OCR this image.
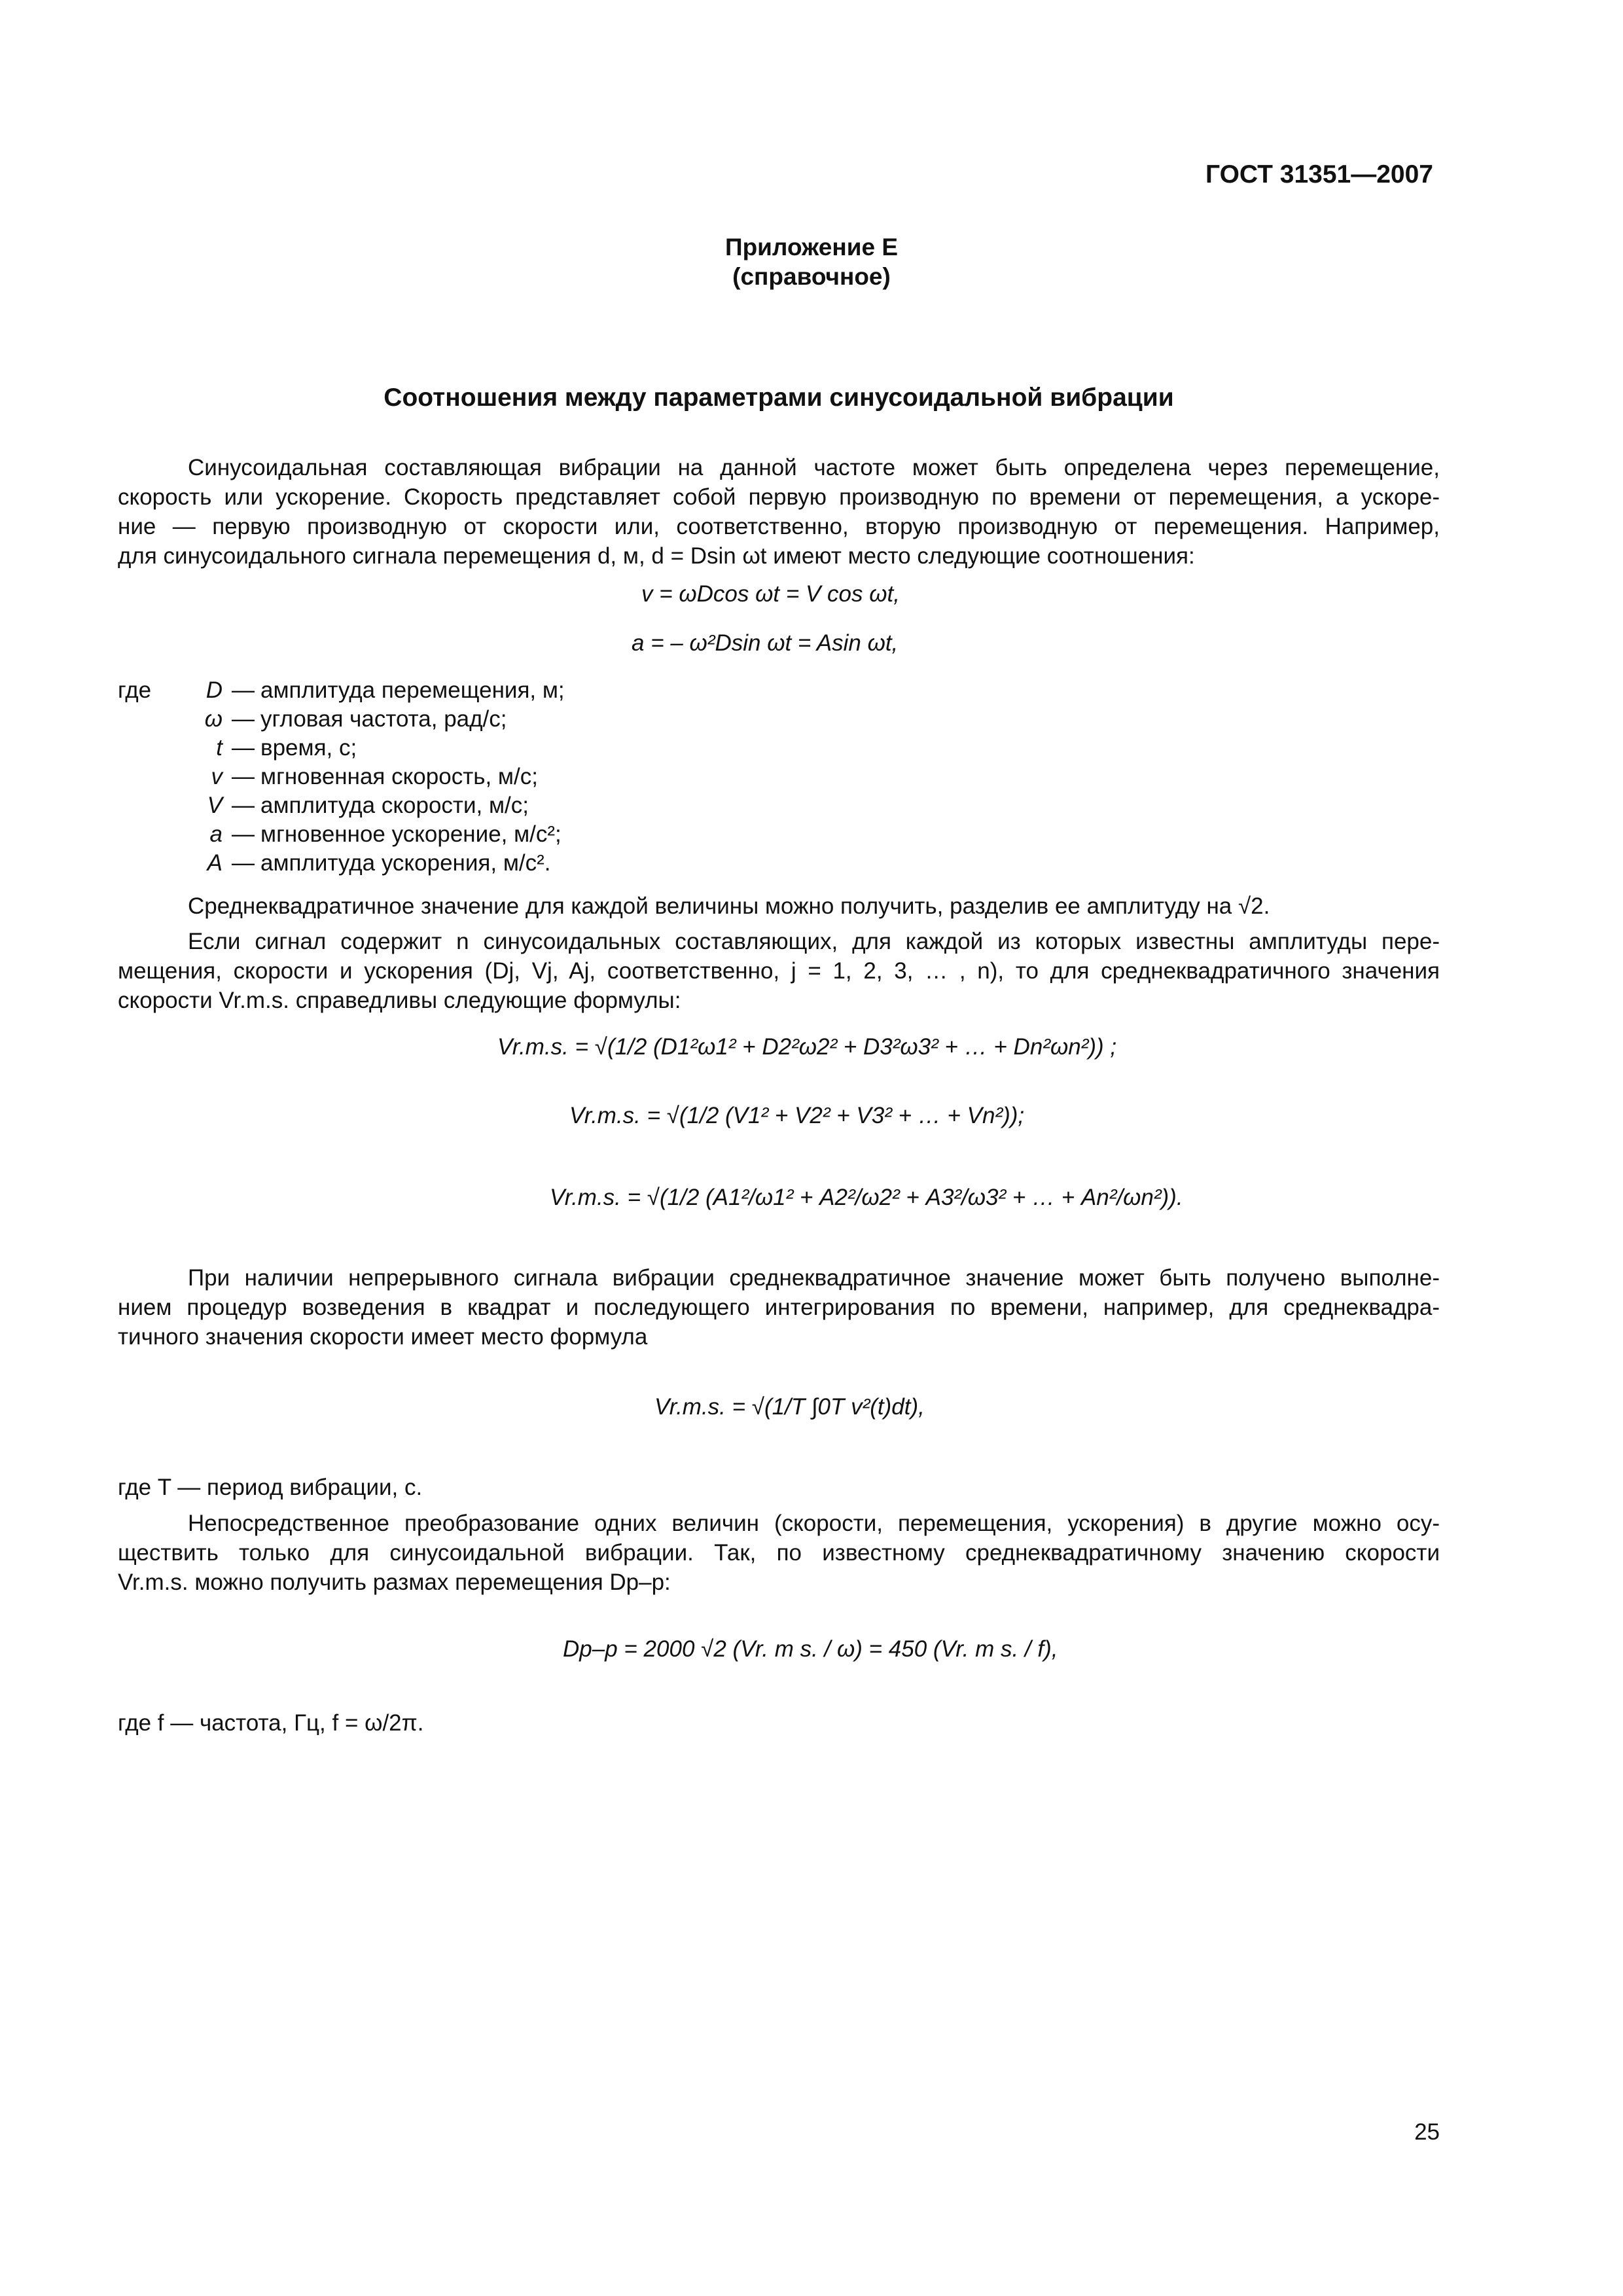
ГОСТ 31351—2007
Приложение Е
(справочное)
Соотношения между параметрами синусоидальной вибрации
Синусоидальная составляющая вибрации на данной частоте может быть определена через перемещение,
скорость или ускорение. Скорость представляет собой первую производную по времени от перемещения, а ускоре-
ние — первую производную от скорости или, соответственно, вторую производную от перемещения. Например,
для синусоидального сигнала перемещения d, м, d = Dsin ωt имеют место следующие соотношения:
v = ωDcos ωt = V cos ωt,
a = – ω²Dsin ωt = Asin ωt,
где	D — амплитуда перемещения, м;
ω — угловая частота, рад/с;
t — время, с;
v — мгновенная скорость, м/с;
V — амплитуда скорости, м/с;
a — мгновенное ускорение, м/с²;
A — амплитуда ускорения, м/с².
Среднеквадратичное значение для каждой величины можно получить, разделив ее амплитуду на √2.
Если сигнал содержит n синусоидальных составляющих, для каждой из которых известны амплитуды пере-
мещения, скорости и ускорения (Dj, Vj, Aj, соответственно, j = 1, 2, 3, … , n), то для среднеквадратичного значения
скорости Vr.m.s. справедливы следующие формулы:
Vr.m.s. = √(1/2 (D1²ω1² + D2²ω2² + D3²ω3² + … + Dn²ωn²)) ;
Vr.m.s. = √(1/2 (V1² + V2² + V3² + … + Vn²));
Vr.m.s. = √(1/2 (A1²/ω1² + A2²/ω2² + A3²/ω3² + … + An²/ωn²)).
При наличии непрерывного сигнала вибрации среднеквадратичное значение может быть получено выполне-
нием процедур возведения в квадрат и последующего интегрирования по времени, например, для среднеквадра-
тичного значения скорости имеет место формула
Vr.m.s. = √(1/T ∫0T v²(t)dt),
где T — период вибрации, с.
Непосредственное преобразование одних величин (скорости, перемещения, ускорения) в другие можно осу-
ществить только для синусоидальной вибрации. Так, по известному среднеквадратичному значению скорости
Vr.m.s. можно получить размах перемещения Dp–p:
Dp–p = 2000 √2 (Vr. m s. / ω) = 450 (Vr. m s. / f),
где f — частота, Гц, f = ω/2π.
25
